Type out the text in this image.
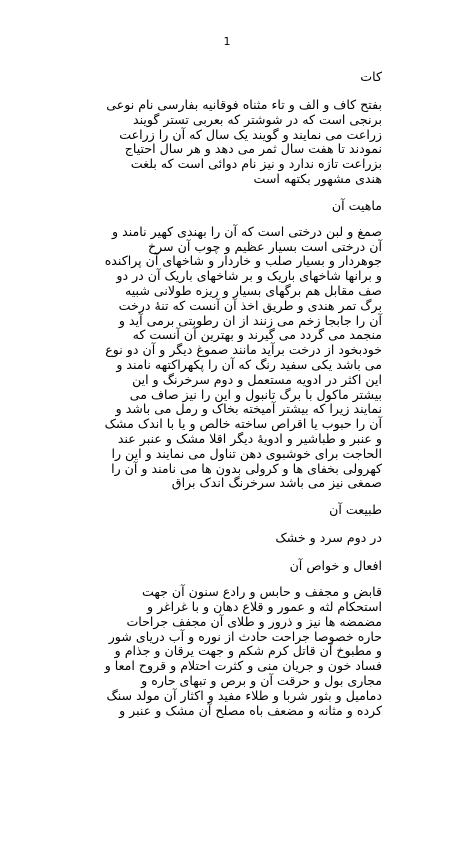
1
کات
بفتح کاف و الف و تاء مثناه فوقانیه بفارسی نام نوعی
برنجی است که در شوشتر که بعربی تستر گویند
زراعت می نمایند و گویند یک سال که آن را زراعت
نمودند تا هفت سال ثمر می دهد و هر سال احتیاج
بزراعت تازه ندارد و نیز نام دوائی است که بلغت
هندی مشهور بکتهه است
ماهیت آن
صمغ و لبن درختی است که آن را بهندی کهیر نامند و
آن درختی است بسیار عظیم و چوب آن سرخ
جوهردار و بسیار صلب و خاردار و شاخهای آن پراکنده
و برانها شاخهای باریک و بر شاخهای باریک آن در دو
صف مقابل هم برگهای بسیار و ریزه طولانی شبیه
برگ تمر هندی و طریق اخذ آن آنست که تنهٔ درخت
آن را جابجا زخم می زنند از ان رطوبتی برمی آید و
منجمد می گردد می گیرند و بهترین آن آنست که
خودبخود از درخت برآید مانند صموغ دیگر و آن دو نوع
می باشد یکی سفید رنگ که آن را پکهراکتهه نامند و
این اکثر در ادویه مستعمل و دوم سرخرنگ و این
بیشتر ماکول با برگ تانبول و این را نیز صاف می
نمایند زیرا که بیشتر آمیخته بخاک و رمل می باشد و
آن را حبوب یا اقراص ساخته خالص و یا با اندک مشک
و عنبر و طباشیر و ادویهٔ دیگر اقلا مشک و عنبر عند
الحاجت برای خوشبوی دهن تناول می نمایند و این را
کهرولی بخفای ها و کرولی بدون ها می نامند و آن را
صمغی نیز می باشد سرخرنگ اندک براق
طبیعت آن
در دوم سرد و خشک
افعال و خواص آن
قابض و مجفف و حابس و رادع سنون آن جهت
استحکام لثه و عمور و قلاع دهان و با غراغر و
مضمضه ها نیز و ذرور و طلای آن مجفف جراحات
حاره خصوصا جراحت حادث از نوره و آب دریای شور
و مطبوخ آن قاتل کرم شکم و جهت یرقان و جذام و
فساد خون و جریان منی و کثرت احتلام و قروح امعا و
مجاری بول و حرقت آن و برص و تبهای حاره و
دمامیل و بثور شربا و طلاء مفید و اکثار آن مولد سنگ
کرده و مثانه و مضعف باه مصلح آن مشک و عنبر و
